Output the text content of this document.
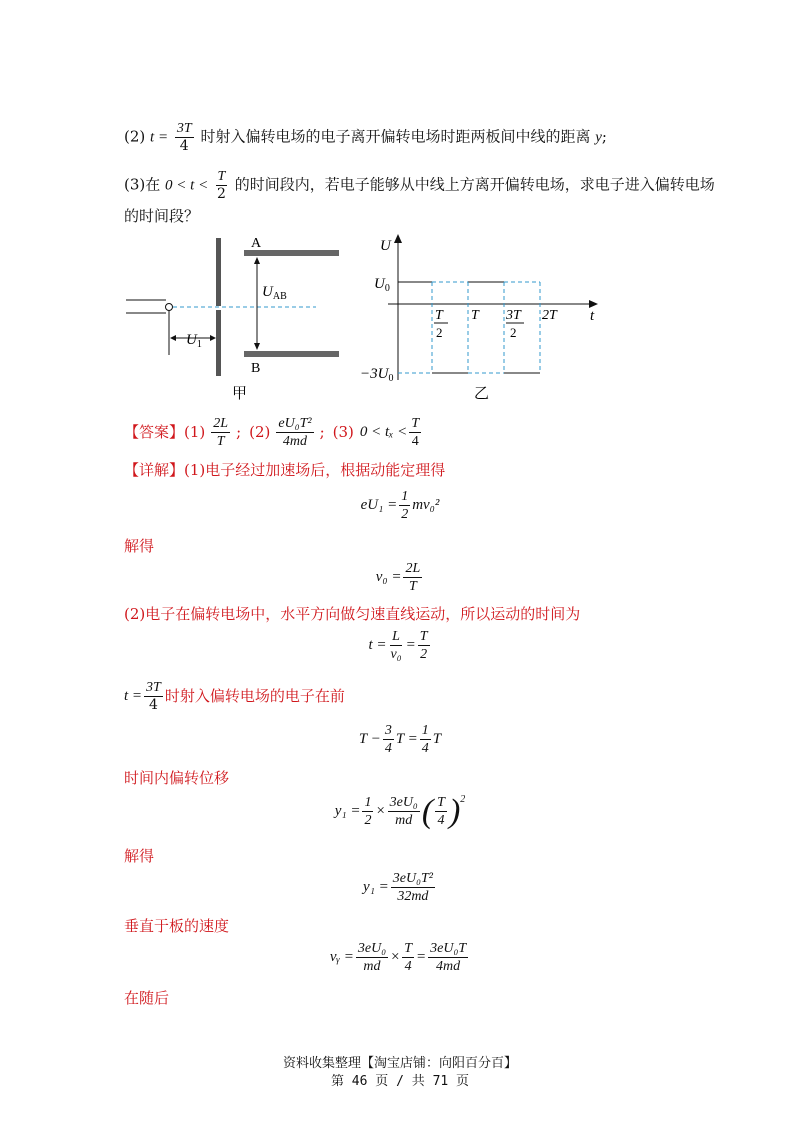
(2) $t = \frac{3T}{4}$ 时射入偏转电场的电子离开偏转电场时距两板间中线的距离 y;
(3)在 $0 < t < \frac{T}{2}$ 的时间段内，若电子能够从中线上方离开偏转电场，求电子进入偏转电场
的时间段？
$U_1$
A
B
$U_{AB}$
甲
U
t
$U_0$
$-3U_0$
T
2
T 3T
2
2T
乙
【答案】 $(1) \frac{2L}{T}$ ; $(2) \frac{\text{eU₀T²}}{4md}$ ; (3) $0 < t_x < \frac{T}{4}$
【详解】(1)电子经过加速场后，根据动能定理得
$eU_1 = \frac{1}{2} mv_0^2$
解得
$v_0 = \frac{2L}{T}$
(2)电子在偏转电场中，水平方向做匀速直线运动，所以运动的时间为
$t = \frac{L}{\text{v₀}} = \frac{T}{2}$
$t = \frac{3T}{4}$ 时射入偏转电场的电子在前
$T - \frac{3}{4}$ $T = \frac{1}{4}$ T
时间内偏转位移
$y_1 = \frac{1}{2} \times \frac{\text{3eU₀}}{md}$ ( $\frac{T}{4} )^2$
解得
$y_1 = \frac{\text{3eU₀T²}}{32md}$
垂直于板的速度
vᵧ = $\frac{\text{3eU₀}}{md} \times \frac{T}{4} = \frac{\text{3eU₀T}}{4md}$
在随后
资料收集整理【淘宝店铺：向阳百分百】
第 46 页 / 共 71 页
